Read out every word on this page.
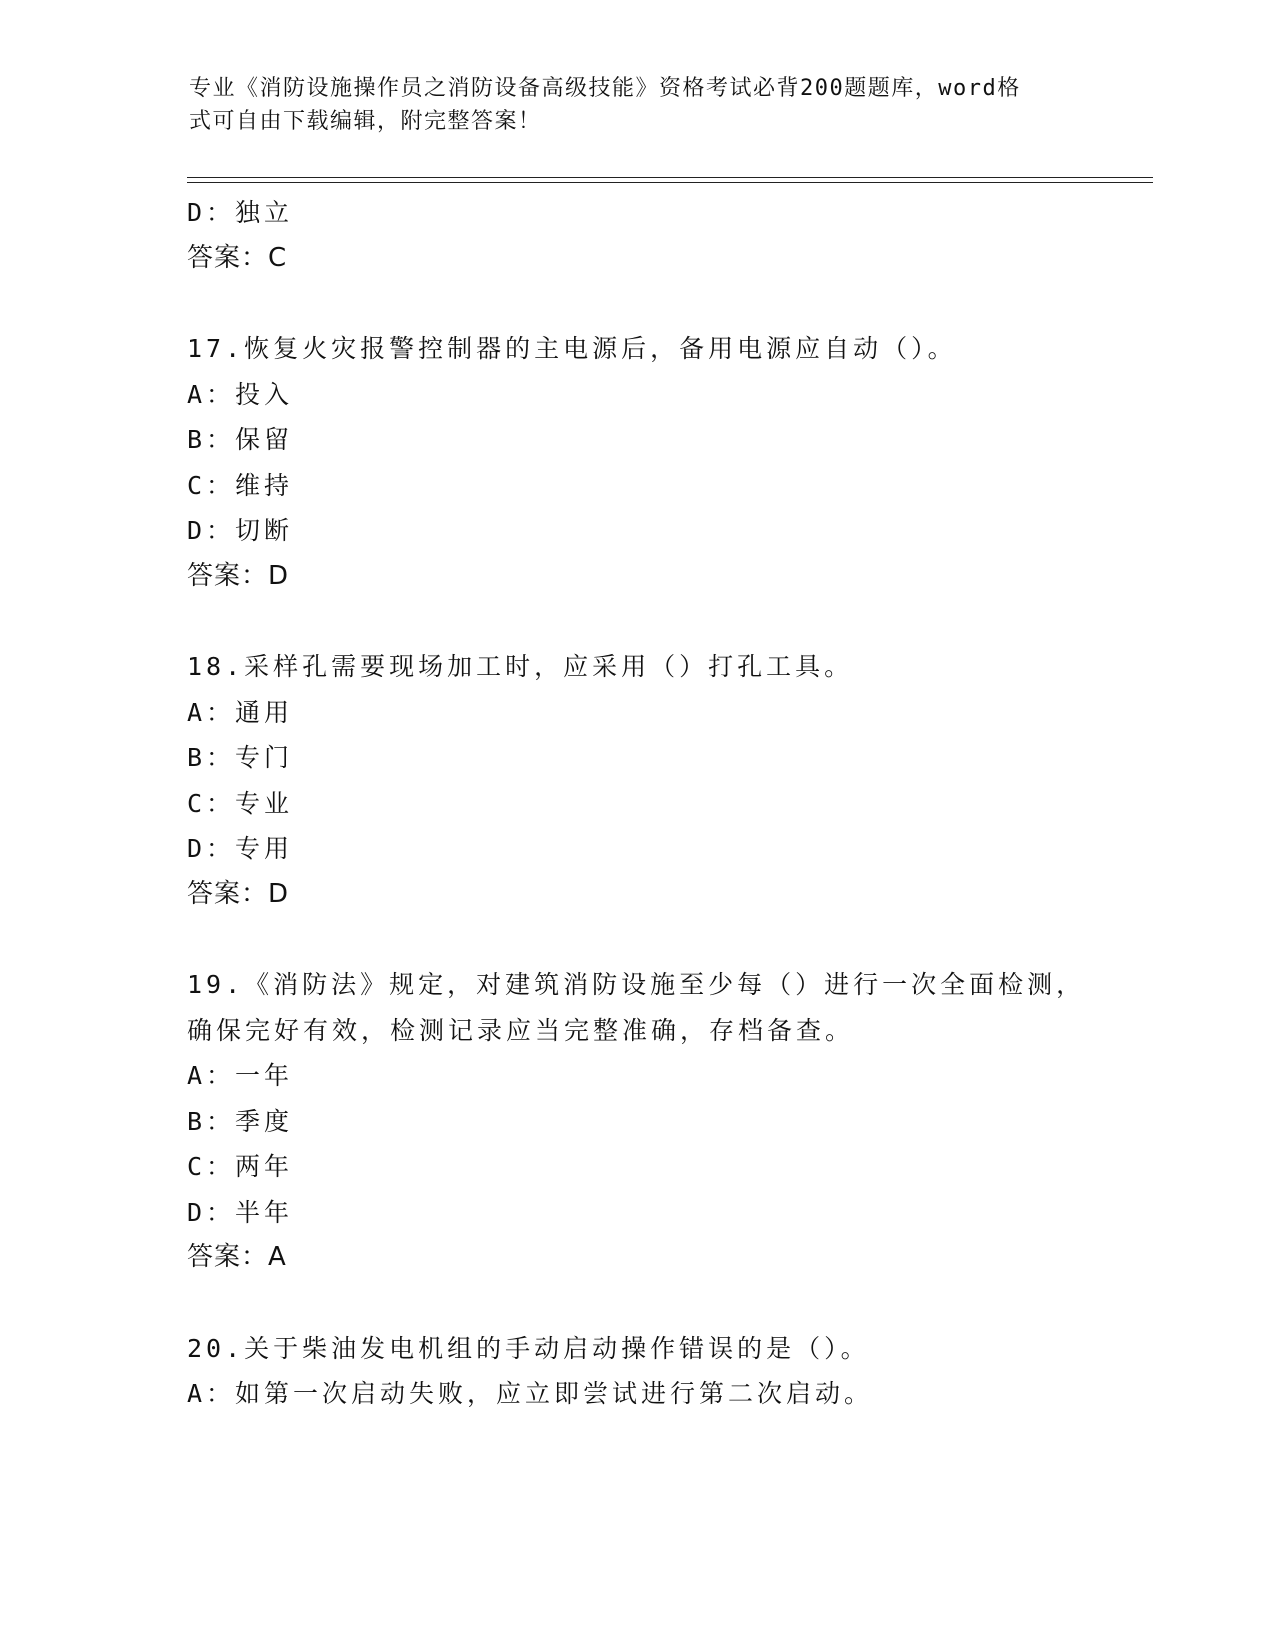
专业《消防设施操作员之消防设备高级技能》资格考试必背200题题库，word格
式可自由下载编辑，附完整答案！
D：独立
答案：C
17.恢复火灾报警控制器的主电源后，备用电源应自动（）。
A：投入
B：保留
C：维持
D：切断
答案：D
18.采样孔需要现场加工时，应采用（）打孔工具。
A：通用
B：专门
C：专业
D：专用
答案：D
19.《消防法》规定，对建筑消防设施至少每（）进行一次全面检测，
确保完好有效，检测记录应当完整准确，存档备查。
A：一年
B：季度
C：两年
D：半年
答案：A
20.关于柴油发电机组的手动启动操作错误的是（）。
A：如第一次启动失败，应立即尝试进行第二次启动。
